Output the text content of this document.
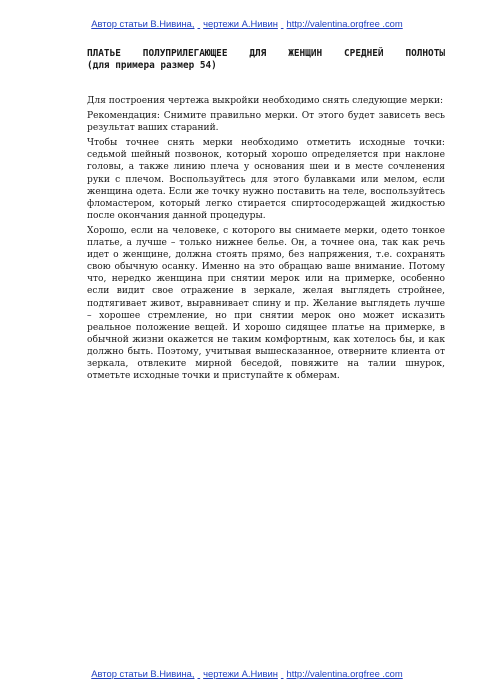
Автор статьи В.Нивина, чертежи А.Нивин http://valentina.orgfree .com
ПЛАТЬЕ ПОЛУПРИЛЕГАЮЩЕЕ ДЛЯ ЖЕНЩИН СРЕДНЕЙ ПОЛНОТЫ
(для примера размер 54)

Для построения чертежа выкройки необходимо снять следующие мерки:

Рекомендация: Снимите правильно мерки. От этого будет зависеть весь результат ваших стараний.

Чтобы точнее снять мерки необходимо отметить исходные точки: седьмой шейный позвонок, который хорошо определяется при наклоне головы, а также линию плеча у основания шеи и в месте сочленения руки с плечом. Воспользуйтесь для этого булавками или мелом, если женщина одета. Если же точку нужно поставить на теле, воспользуйтесь фломастером, который легко стирается спиртосодержащей жидкостью после окончания данной процедуры.

Хорошо, если на человеке, с которого вы снимаете мерки, одето тонкое платье, а лучше – только нижнее белье. Он, а точнее она, так как речь идет о женщине, должна стоять прямо, без напряжения, т.е. сохранять свою обычную осанку. Именно на это обращаю ваше внимание. Потому что, нередко женщина при снятии мерок или на примерке, особенно если видит свое отражение в зеркале, желая выглядеть стройнее, подтягивает живот, выравнивает спину и пр. Желание выглядеть лучше – хорошее стремление, но при снятии мерок оно может исказить реальное положение вещей. И хорошо сидящее платье на примерке, в обычной жизни окажется не таким комфортным, как хотелось бы, и как должно быть. Поэтому, учитывая вышесказанное, отверните клиента от зеркала, отвлеките мирной беседой, повяжите на талии шнурок, отметьте исходные точки и приступайте к обмерам.

Автор статьи В.Нивина, чертежи А.Нивин http://valentina.orgfree .com
